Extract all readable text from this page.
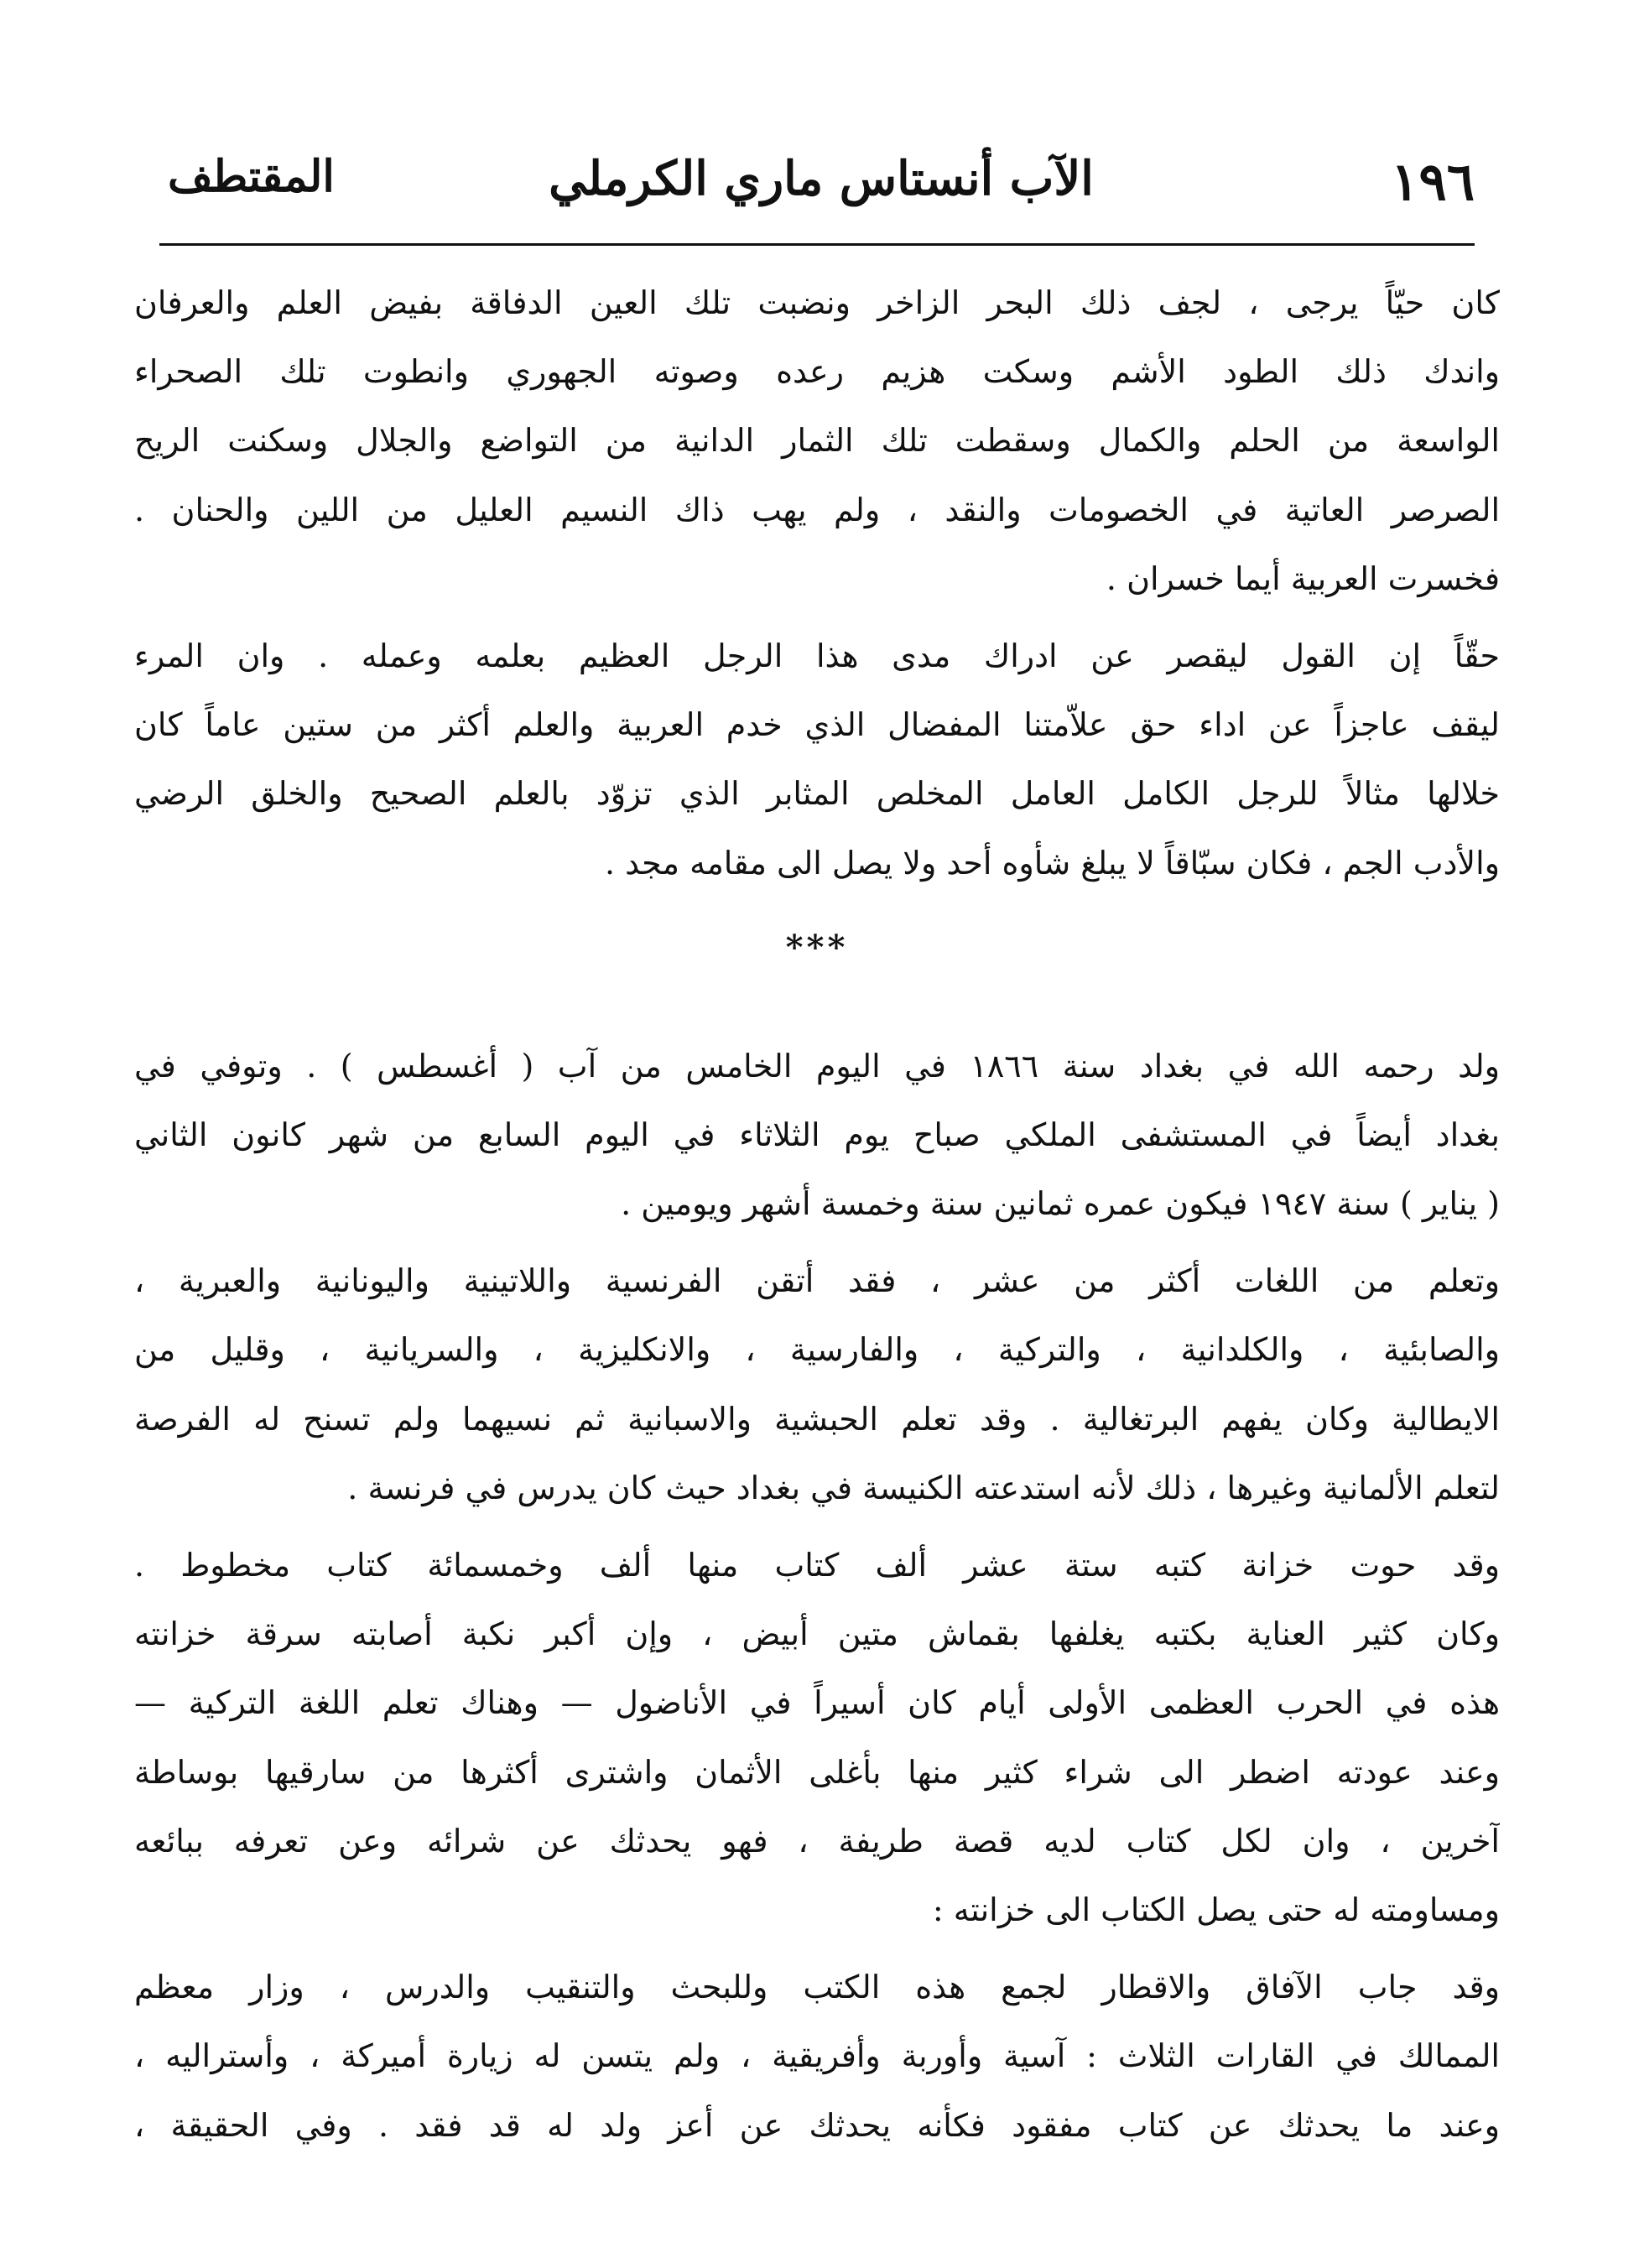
١٩٦
الآب أنستاس ماري الكرملي
المقتطف
كان حيّاً يرجى ، لجف ذلك البحر الزاخر ونضبت تلك العين الدفاقة بفيض العلم والعرفان
واندك ذلك الطود الأشم وسكت هزيم رعده وصوته الجهوري وانطوت تلك الصحراء
الواسعة من الحلم والكمال وسقطت تلك الثمار الدانية من التواضع والجلال وسكنت الريح
الصرصر العاتية في الخصومات والنقد ، ولم يهب ذاك النسيم العليل من اللين والحنان .
فخسرت العربية أيما خسران .
حقّاً إن القول ليقصر عن ادراك مدى هذا الرجل العظيم بعلمه وعمله . وان المرء
ليقف عاجزاً عن اداء حق علاّمتنا المفضال الذي خدم العربية والعلم أكثر من ستين عاماً كان
خلالها مثالاً للرجل الكامل العامل المخلص المثابر الذي تزوّد بالعلم الصحيح والخلق الرضي
والأدب الجم ، فكان سبّاقاً لا يبلغ شأوه أحد ولا يصل الى مقامه مجد .
***
ولد رحمه الله في بغداد سنة ١٨٦٦ في اليوم الخامس من آب ( أغسطس ) . وتوفي في
بغداد أيضاً في المستشفى الملكي صباح يوم الثلاثاء في اليوم السابع من شهر كانون الثاني
( يناير ) سنة ١٩٤٧ فيكون عمره ثمانين سنة وخمسة أشهر ويومين .
وتعلم من اللغات أكثر من عشر ، فقد أتقن الفرنسية واللاتينية واليونانية والعبرية ،
والصابئية ، والكلدانية ، والتركية ، والفارسية ، والانكليزية ، والسريانية ، وقليل من
الايطالية وكان يفهم البرتغالية . وقد تعلم الحبشية والاسبانية ثم نسيهما ولم تسنح له الفرصة
لتعلم الألمانية وغيرها ، ذلك لأنه استدعته الكنيسة في بغداد حيث كان يدرس في فرنسة .
وقد حوت خزانة كتبه ستة عشر ألف كتاب منها ألف وخمسمائة كتاب مخطوط .
وكان كثير العناية بكتبه يغلفها بقماش متين أبيض ، وإن أكبر نكبة أصابته سرقة خزانته
هذه في الحرب العظمى الأولى أيام كان أسيراً في الأناضول — وهناك تعلم اللغة التركية —
وعند عودته اضطر الى شراء كثير منها بأغلى الأثمان واشترى أكثرها من سارقيها بوساطة
آخرين ، وان لكل كتاب لديه قصة طريفة ، فهو يحدثك عن شرائه وعن تعرفه ببائعه
ومساومته له حتى يصل الكتاب الى خزانته :
وقد جاب الآفاق والاقطار لجمع هذه الكتب وللبحث والتنقيب والدرس ، وزار معظم
الممالك في القارات الثلاث : آسية وأوربة وأفريقية ، ولم يتسن له زيارة أميركة ، وأستراليه ،
وعند ما يحدثك عن كتاب مفقود فكأنه يحدثك عن أعز ولد له قد فقد . وفي الحقيقة ،
